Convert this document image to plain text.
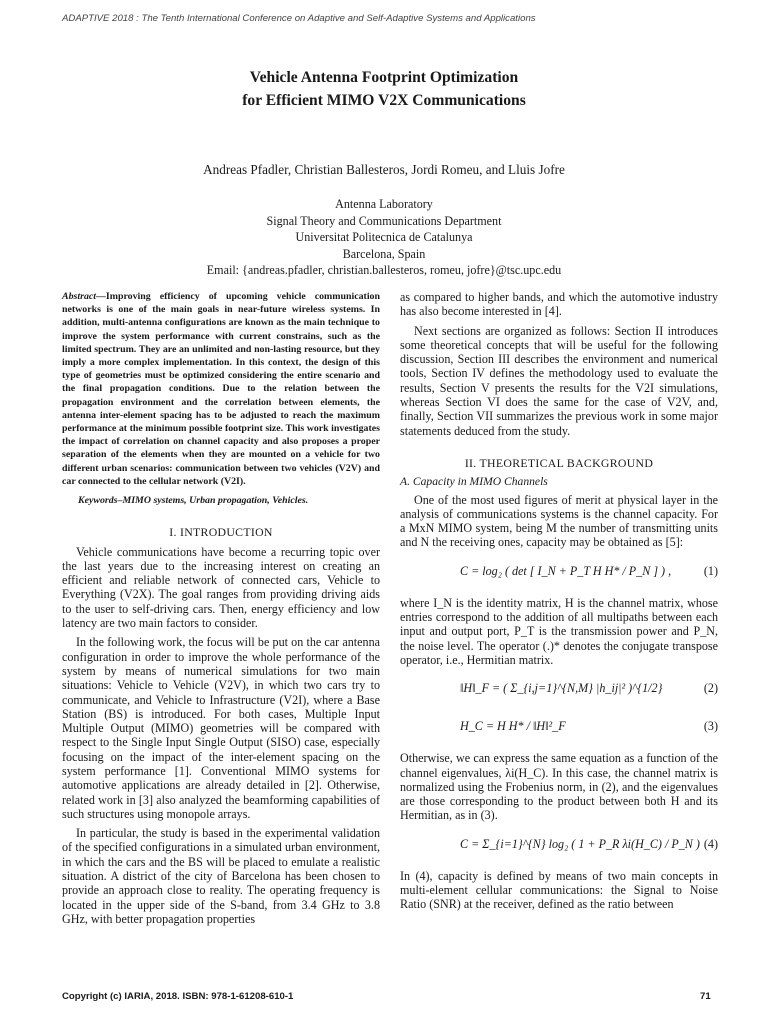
ADAPTIVE 2018 : The Tenth International Conference on Adaptive and Self-Adaptive Systems and Applications
Vehicle Antenna Footprint Optimization
for Efficient MIMO V2X Communications
Andreas Pfadler, Christian Ballesteros, Jordi Romeu, and Lluis Jofre
Antenna Laboratory
Signal Theory and Communications Department
Universitat Politecnica de Catalunya
Barcelona, Spain
Email: {andreas.pfadler, christian.ballesteros, romeu, jofre}@tsc.upc.edu
Abstract—Improving efficiency of upcoming vehicle communication networks is one of the main goals in near-future wireless systems. In addition, multi-antenna configurations are known as the main technique to improve the system performance with current constrains, such as the limited spectrum. They are an unlimited and non-lasting resource, but they imply a more complex implementation. In this context, the design of this type of geometries must be optimized considering the entire scenario and the final propagation conditions. Due to the relation between the propagation environment and the correlation between elements, the antenna inter-element spacing has to be adjusted to reach the maximum performance at the minimum possible footprint size. This work investigates the impact of correlation on channel capacity and also proposes a proper separation of the elements when they are mounted on a vehicle for two different urban scenarios: communication between two vehicles (V2V) and car connected to the cellular network (V2I).
Keywords–MIMO systems, Urban propagation, Vehicles.
I. INTRODUCTION

Vehicle communications have become a recurring topic over the last years due to the increasing interest on creating an efficient and reliable network of connected cars, Vehicle to Everything (V2X). The goal ranges from providing driving aids to the user to self-driving cars. Then, energy efficiency and low latency are two main factors to consider.

In the following work, the focus will be put on the car antenna configuration in order to improve the whole performance of the system by means of numerical simulations for two main situations: Vehicle to Vehicle (V2V), in which two cars try to communicate, and Vehicle to Infrastructure (V2I), where a Base Station (BS) is introduced. For both cases, Multiple Input Multiple Output (MIMO) geometries will be compared with respect to the Single Input Single Output (SISO) case, especially focusing on the impact of the inter-element spacing on the system performance [1]. Conventional MIMO systems for automotive applications are already detailed in [2]. Otherwise, related work in [3] also analyzed the beamforming capabilities of such structures using monopole arrays.

In particular, the study is based in the experimental validation of the specified configurations in a simulated urban environment, in which the cars and the BS will be placed to emulate a realistic situation. A district of the city of Barcelona has been chosen to provide an approach close to reality. The operating frequency is located in the upper side of the S-band, from 3.4 GHz to 3.8 GHz, with better propagation properties

as compared to higher bands, and which the automotive industry has also become interested in [4].

Next sections are organized as follows: Section II introduces some theoretical concepts that will be useful for the following discussion, Section III describes the environment and numerical tools, Section IV defines the methodology used to evaluate the results, Section V presents the results for the V2I simulations, whereas Section VI does the same for the case of V2V, and, finally, Section VII summarizes the previous work in some major statements deduced from the study.

II. THEORETICAL BACKGROUND
A. Capacity in MIMO Channels

One of the most used figures of merit at physical layer in the analysis of communications systems is the channel capacity. For a MxN MIMO system, being M the number of transmitting units and N the receiving ones, capacity may be obtained as [5]:

C = log₂ ( det [ I_N + P_T H H* / P_N ] ) ,	(1)

where I_N is the identity matrix, H is the channel matrix, whose entries correspond to the addition of all multipaths between each input and output port, P_T is the transmission power and P_N, the noise level. The operator (.)* denotes the conjugate transpose operator, i.e., Hermitian matrix.

‖H‖_F = ( Σ_{i,j=1}^{N,M} |h_ij|² )^{1/2}	(2)
H_C = H H* / ‖H‖²_F	(3)

Otherwise, we can express the same equation as a function of the channel eigenvalues, λi(H_C). In this case, the channel matrix is normalized using the Frobenius norm, in (2), and the eigenvalues are those corresponding to the product between both H and its Hermitian, as in (3).

C = Σ_{i=1}^{N} log₂ ( 1 + P_R λi(H_C) / P_N ) (4)

In (4), capacity is defined by means of two main concepts in multi-element cellular communications: the Signal to Noise Ratio (SNR) at the receiver, defined as the ratio between

Copyright (c) IARIA, 2018. ISBN: 978-1-61208-610-1	71
